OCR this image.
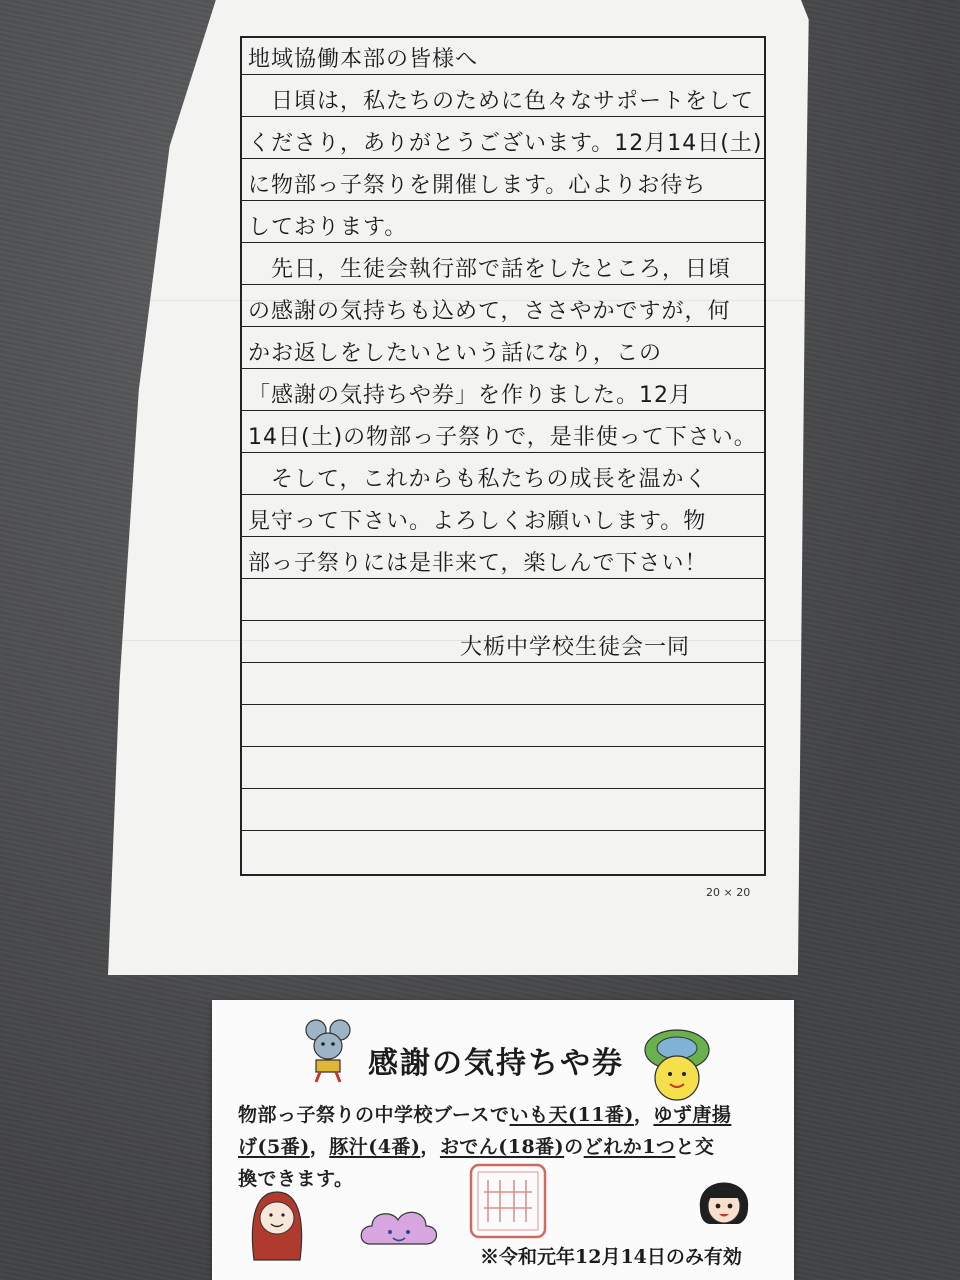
地域協働本部の皆様へ
　日頃は，私たちのために色々なサポートをして
くださり，ありがとうございます。12月14日(土)
に物部っ子祭りを開催します。心よりお待ち
しております。
　先日，生徒会執行部で話をしたところ，日頃
の感謝の気持ちも込めて，ささやかですが，何
かお返しをしたいという話になり，この
「感謝の気持ちや券」を作りました。12月
14日(土)の物部っ子祭りで，是非使って下さい。
　そして，これからも私たちの成長を温かく
見守って下さい。よろしくお願いします。物
部っ子祭りには是非来て，楽しんで下さい！
大栃中学校生徒会一同
20 × 20
感謝の気持ちや券
物部っ子祭りの中学校ブースでいも天(11番)，ゆず唐揚
げ(5番)，豚汁(4番)，おでん(18番)のどれか1つと交
換できます。
※令和元年12月14日のみ有効
